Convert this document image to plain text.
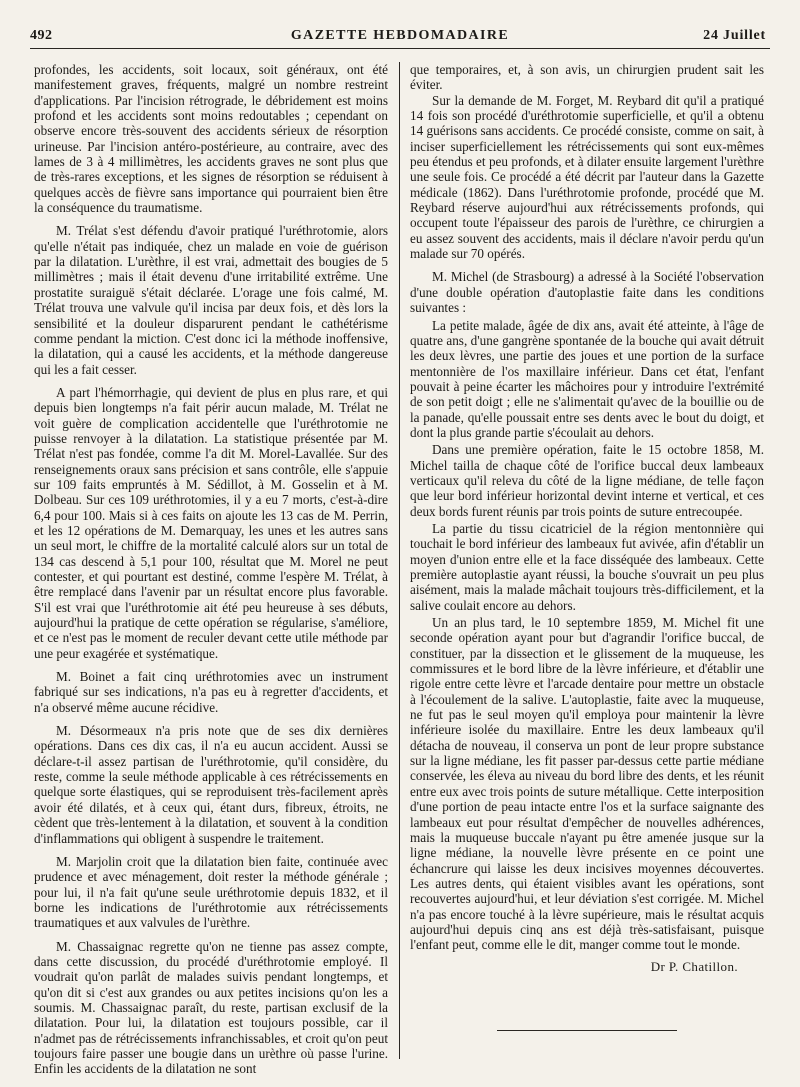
492	GAZETTE HEBDOMADAIRE	24 Juillet

profondes, les accidents, soit locaux, soit généraux, ont été manifestement graves, fréquents, malgré un nombre restreint d'applications. Par l'incision rétrograde, le débridement est moins profond et les accidents sont moins redoutables ; cependant on observe encore très-souvent des accidents sérieux de résorption urineuse. Par l'incision antéro-postérieure, au contraire, avec des lames de 3 à 4 millimètres, les accidents graves ne sont plus que de très-rares exceptions, et les signes de résorption se réduisent à quelques accès de fièvre sans importance qui pourraient bien être la conséquence du traumatisme.

M. Trélat s'est défendu d'avoir pratiqué l'uréthrotomie, alors qu'elle n'était pas indiquée, chez un malade en voie de guérison par la dilatation. L'urèthre, il est vrai, admettait des bougies de 5 millimètres ; mais il était devenu d'une irritabilité extrême. Une prostatite suraiguë s'était déclarée. L'orage une fois calmé, M. Trélat trouva une valvule qu'il incisa par deux fois, et dès lors la sensibilité et la douleur disparurent pendant le cathétérisme comme pendant la miction. C'est donc ici la méthode inoffensive, la dilatation, qui a causé les accidents, et la méthode dangereuse qui les a fait cesser.

A part l'hémorrhagie, qui devient de plus en plus rare, et qui depuis bien longtemps n'a fait périr aucun malade, M. Trélat ne voit guère de complication accidentelle que l'uréthrotomie ne puisse renvoyer à la dilatation. La statistique présentée par M. Trélat n'est pas fondée, comme l'a dit M. Morel-Lavallée. Sur des renseignements oraux sans précision et sans contrôle, elle s'appuie sur 109 faits empruntés à M. Sédillot, à M. Gosselin et à M. Dolbeau. Sur ces 109 uréthrotomies, il y a eu 7 morts, c'est-à-dire 6,4 pour 100. Mais si à ces faits on ajoute les 13 cas de M. Perrin, et les 12 opérations de M. Demarquay, les unes et les autres sans un seul mort, le chiffre de la mortalité calculé alors sur un total de 134 cas descend à 5,1 pour 100, résultat que M. Morel ne peut contester, et qui pourtant est destiné, comme l'espère M. Trélat, à être remplacé dans l'avenir par un résultat encore plus favorable. S'il est vrai que l'uréthrotomie ait été peu heureuse à ses débuts, aujourd'hui la pratique de cette opération se régularise, s'améliore, et ce n'est pas le moment de reculer devant cette utile méthode par une peur exagérée et systématique.

M. Boinet a fait cinq uréthrotomies avec un instrument fabriqué sur ses indications, n'a pas eu à regretter d'accidents, et n'a observé même aucune récidive.

M. Désormeaux n'a pris note que de ses dix dernières opérations. Dans ces dix cas, il n'a eu aucun accident. Aussi se déclare-t-il assez partisan de l'uréthrotomie, qu'il considère, du reste, comme la seule méthode applicable à ces rétrécissements en quelque sorte élastiques, qui se reproduisent très-facilement après avoir été dilatés, et à ceux qui, étant durs, fibreux, étroits, ne cèdent que très-lentement à la dilatation, et souvent à la condition d'inflammations qui obligent à suspendre le traitement.

M. Marjolin croit que la dilatation bien faite, continuée avec prudence et avec ménagement, doit rester la méthode générale ; pour lui, il n'a fait qu'une seule uréthrotomie depuis 1832, et il borne les indications de l'uréthrotomie aux rétrécissements traumatiques et aux valvules de l'urèthre.

M. Chassaignac regrette qu'on ne tienne pas assez compte, dans cette discussion, du procédé d'uréthrotomie employé. Il voudrait qu'on parlât de malades suivis pendant longtemps, et qu'on dit si c'est aux grandes ou aux petites incisions qu'on les a soumis. M. Chassaignac paraît, du reste, partisan exclusif de la dilatation. Pour lui, la dilatation est toujours possible, car il n'admet pas de rétrécissements infranchissables, et croit qu'on peut toujours faire passer une bougie dans un urèthre où passe l'urine. Enfin les accidents de la dilatation ne sont

que temporaires, et, à son avis, un chirurgien prudent sait les éviter.

Sur la demande de M. Forget, M. Reybard dit qu'il a pratiqué 14 fois son procédé d'uréthrotomie superficielle, et qu'il a obtenu 14 guérisons sans accidents. Ce procédé consiste, comme on sait, à inciser superficiellement les rétrécissements qui sont eux-mêmes peu étendus et peu profonds, et à dilater ensuite largement l'urèthre une seule fois. Ce procédé a été décrit par l'auteur dans la Gazette médicale (1862). Dans l'uréthrotomie profonde, procédé que M. Reybard réserve aujourd'hui aux rétrécissements profonds, qui occupent toute l'épaisseur des parois de l'urèthre, ce chirurgien a eu assez souvent des accidents, mais il déclare n'avoir perdu qu'un malade sur 70 opérés.

M. Michel (de Strasbourg) a adressé à la Société l'observation d'une double opération d'autoplastie faite dans les conditions suivantes :

La petite malade, âgée de dix ans, avait été atteinte, à l'âge de quatre ans, d'une gangrène spontanée de la bouche qui avait détruit les deux lèvres, une partie des joues et une portion de la surface mentonnière de l'os maxillaire inférieur. Dans cet état, l'enfant pouvait à peine écarter les mâchoires pour y introduire l'extrémité de son petit doigt ; elle ne s'alimentait qu'avec de la bouillie ou de la panade, qu'elle poussait entre ses dents avec le bout du doigt, et dont la plus grande partie s'écoulait au dehors.

Dans une première opération, faite le 15 octobre 1858, M. Michel tailla de chaque côté de l'orifice buccal deux lambeaux verticaux qu'il releva du côté de la ligne médiane, de telle façon que leur bord inférieur horizontal devint interne et vertical, et ces deux bords furent réunis par trois points de suture entrecoupée.

La partie du tissu cicatriciel de la région mentonnière qui touchait le bord inférieur des lambeaux fut avivée, afin d'établir un moyen d'union entre elle et la face disséquée des lambeaux. Cette première autoplastie ayant réussi, la bouche s'ouvrait un peu plus aisément, mais la malade mâchait toujours très-difficilement, et la salive coulait encore au dehors.

Un an plus tard, le 10 septembre 1859, M. Michel fit une seconde opération ayant pour but d'agrandir l'orifice buccal, de constituer, par la dissection et le glissement de la muqueuse, les commissures et le bord libre de la lèvre inférieure, et d'établir une rigole entre cette lèvre et l'arcade dentaire pour mettre un obstacle à l'écoulement de la salive. L'autoplastie, faite avec la muqueuse, ne fut pas le seul moyen qu'il employa pour maintenir la lèvre inférieure isolée du maxillaire. Entre les deux lambeaux qu'il détacha de nouveau, il conserva un pont de leur propre substance sur la ligne médiane, les fit passer par-dessus cette partie médiane conservée, les éleva au niveau du bord libre des dents, et les réunit entre eux avec trois points de suture métallique. Cette interposition d'une portion de peau intacte entre l'os et la surface saignante des lambeaux eut pour résultat d'empêcher de nouvelles adhérences, mais la muqueuse buccale n'ayant pu être amenée jusque sur la ligne médiane, la nouvelle lèvre présente en ce point une échancrure qui laisse les deux incisives moyennes découvertes. Les autres dents, qui étaient visibles avant les opérations, sont recouvertes aujourd'hui, et leur déviation s'est corrigée. M. Michel n'a pas encore touché à la lèvre supérieure, mais le résultat acquis aujourd'hui depuis cinq ans est déjà très-satisfaisant, puisque l'enfant peut, comme elle le dit, manger comme tout le monde.

Dr P. Chatillon.
